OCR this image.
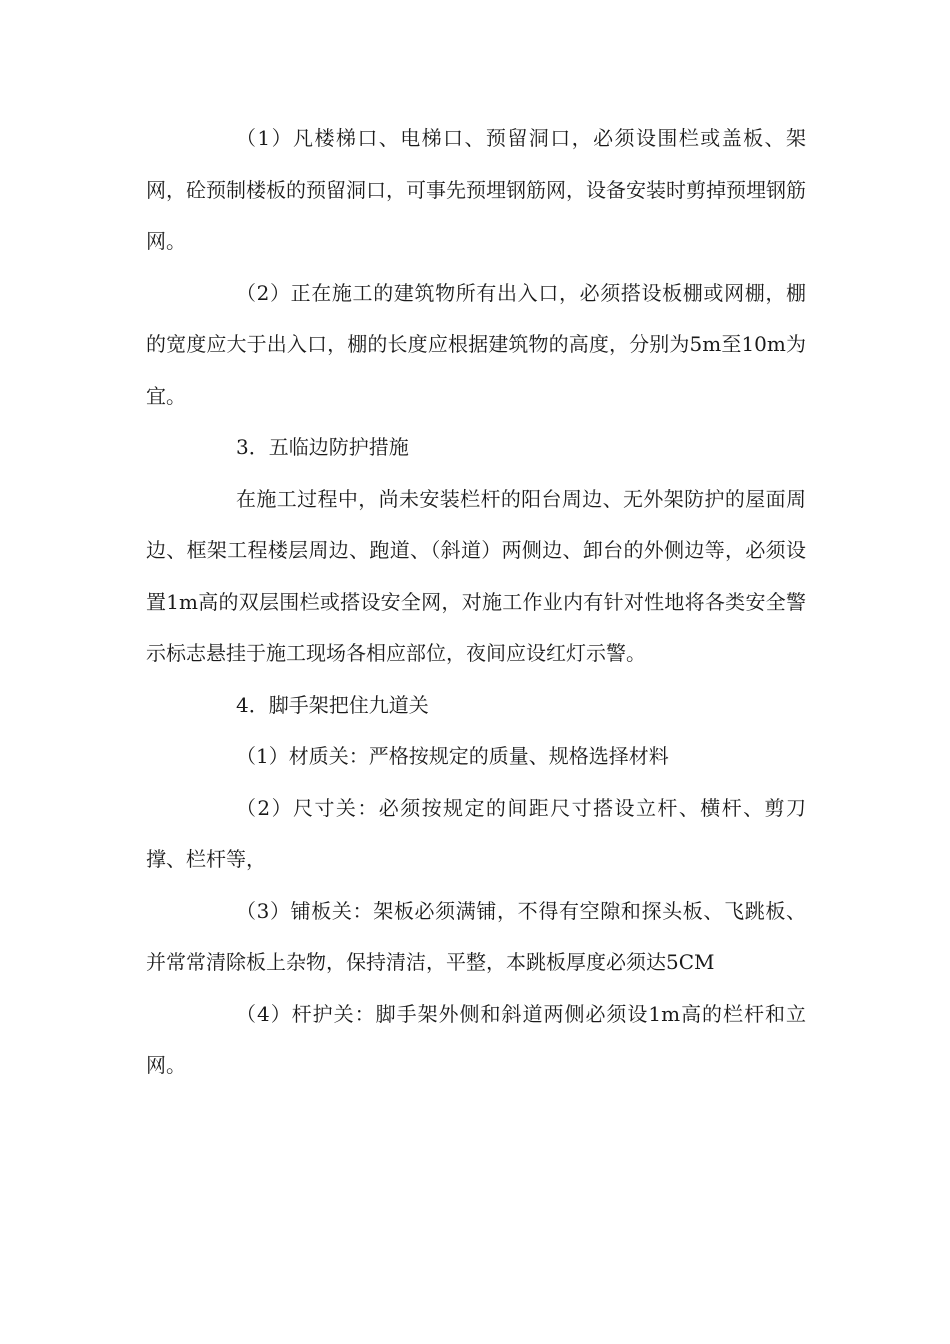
（1）凡楼梯口、电梯口、预留洞口，必须设围栏或盖板、架网，砼预制楼板的预留洞口，可事先预埋钢筋网，设备安装时剪掉预埋钢筋网。

（2）正在施工的建筑物所有出入口，必须搭设板棚或网棚，棚的宽度应大于出入口，棚的长度应根据建筑物的高度，分别为5m至10m为宜。

3．五临边防护措施

在施工过程中，尚未安装栏杆的阳台周边、无外架防护的屋面周边、框架工程楼层周边、跑道、（斜道）两侧边、卸台的外侧边等，必须设置1m高的双层围栏或搭设安全网，对施工作业内有针对性地将各类安全警示标志悬挂于施工现场各相应部位，夜间应设红灯示警。

4．脚手架把住九道关

（1）材质关：严格按规定的质量、规格选择材料

（2）尺寸关：必须按规定的间距尺寸搭设立杆、横杆、剪刀撑、栏杆等，

（3）铺板关：架板必须满铺，不得有空隙和探头板、飞跳板、并常常清除板上杂物，保持清洁，平整，本跳板厚度必须达5CM

（4）杆护关：脚手架外侧和斜道两侧必须设1m高的栏杆和立网。
